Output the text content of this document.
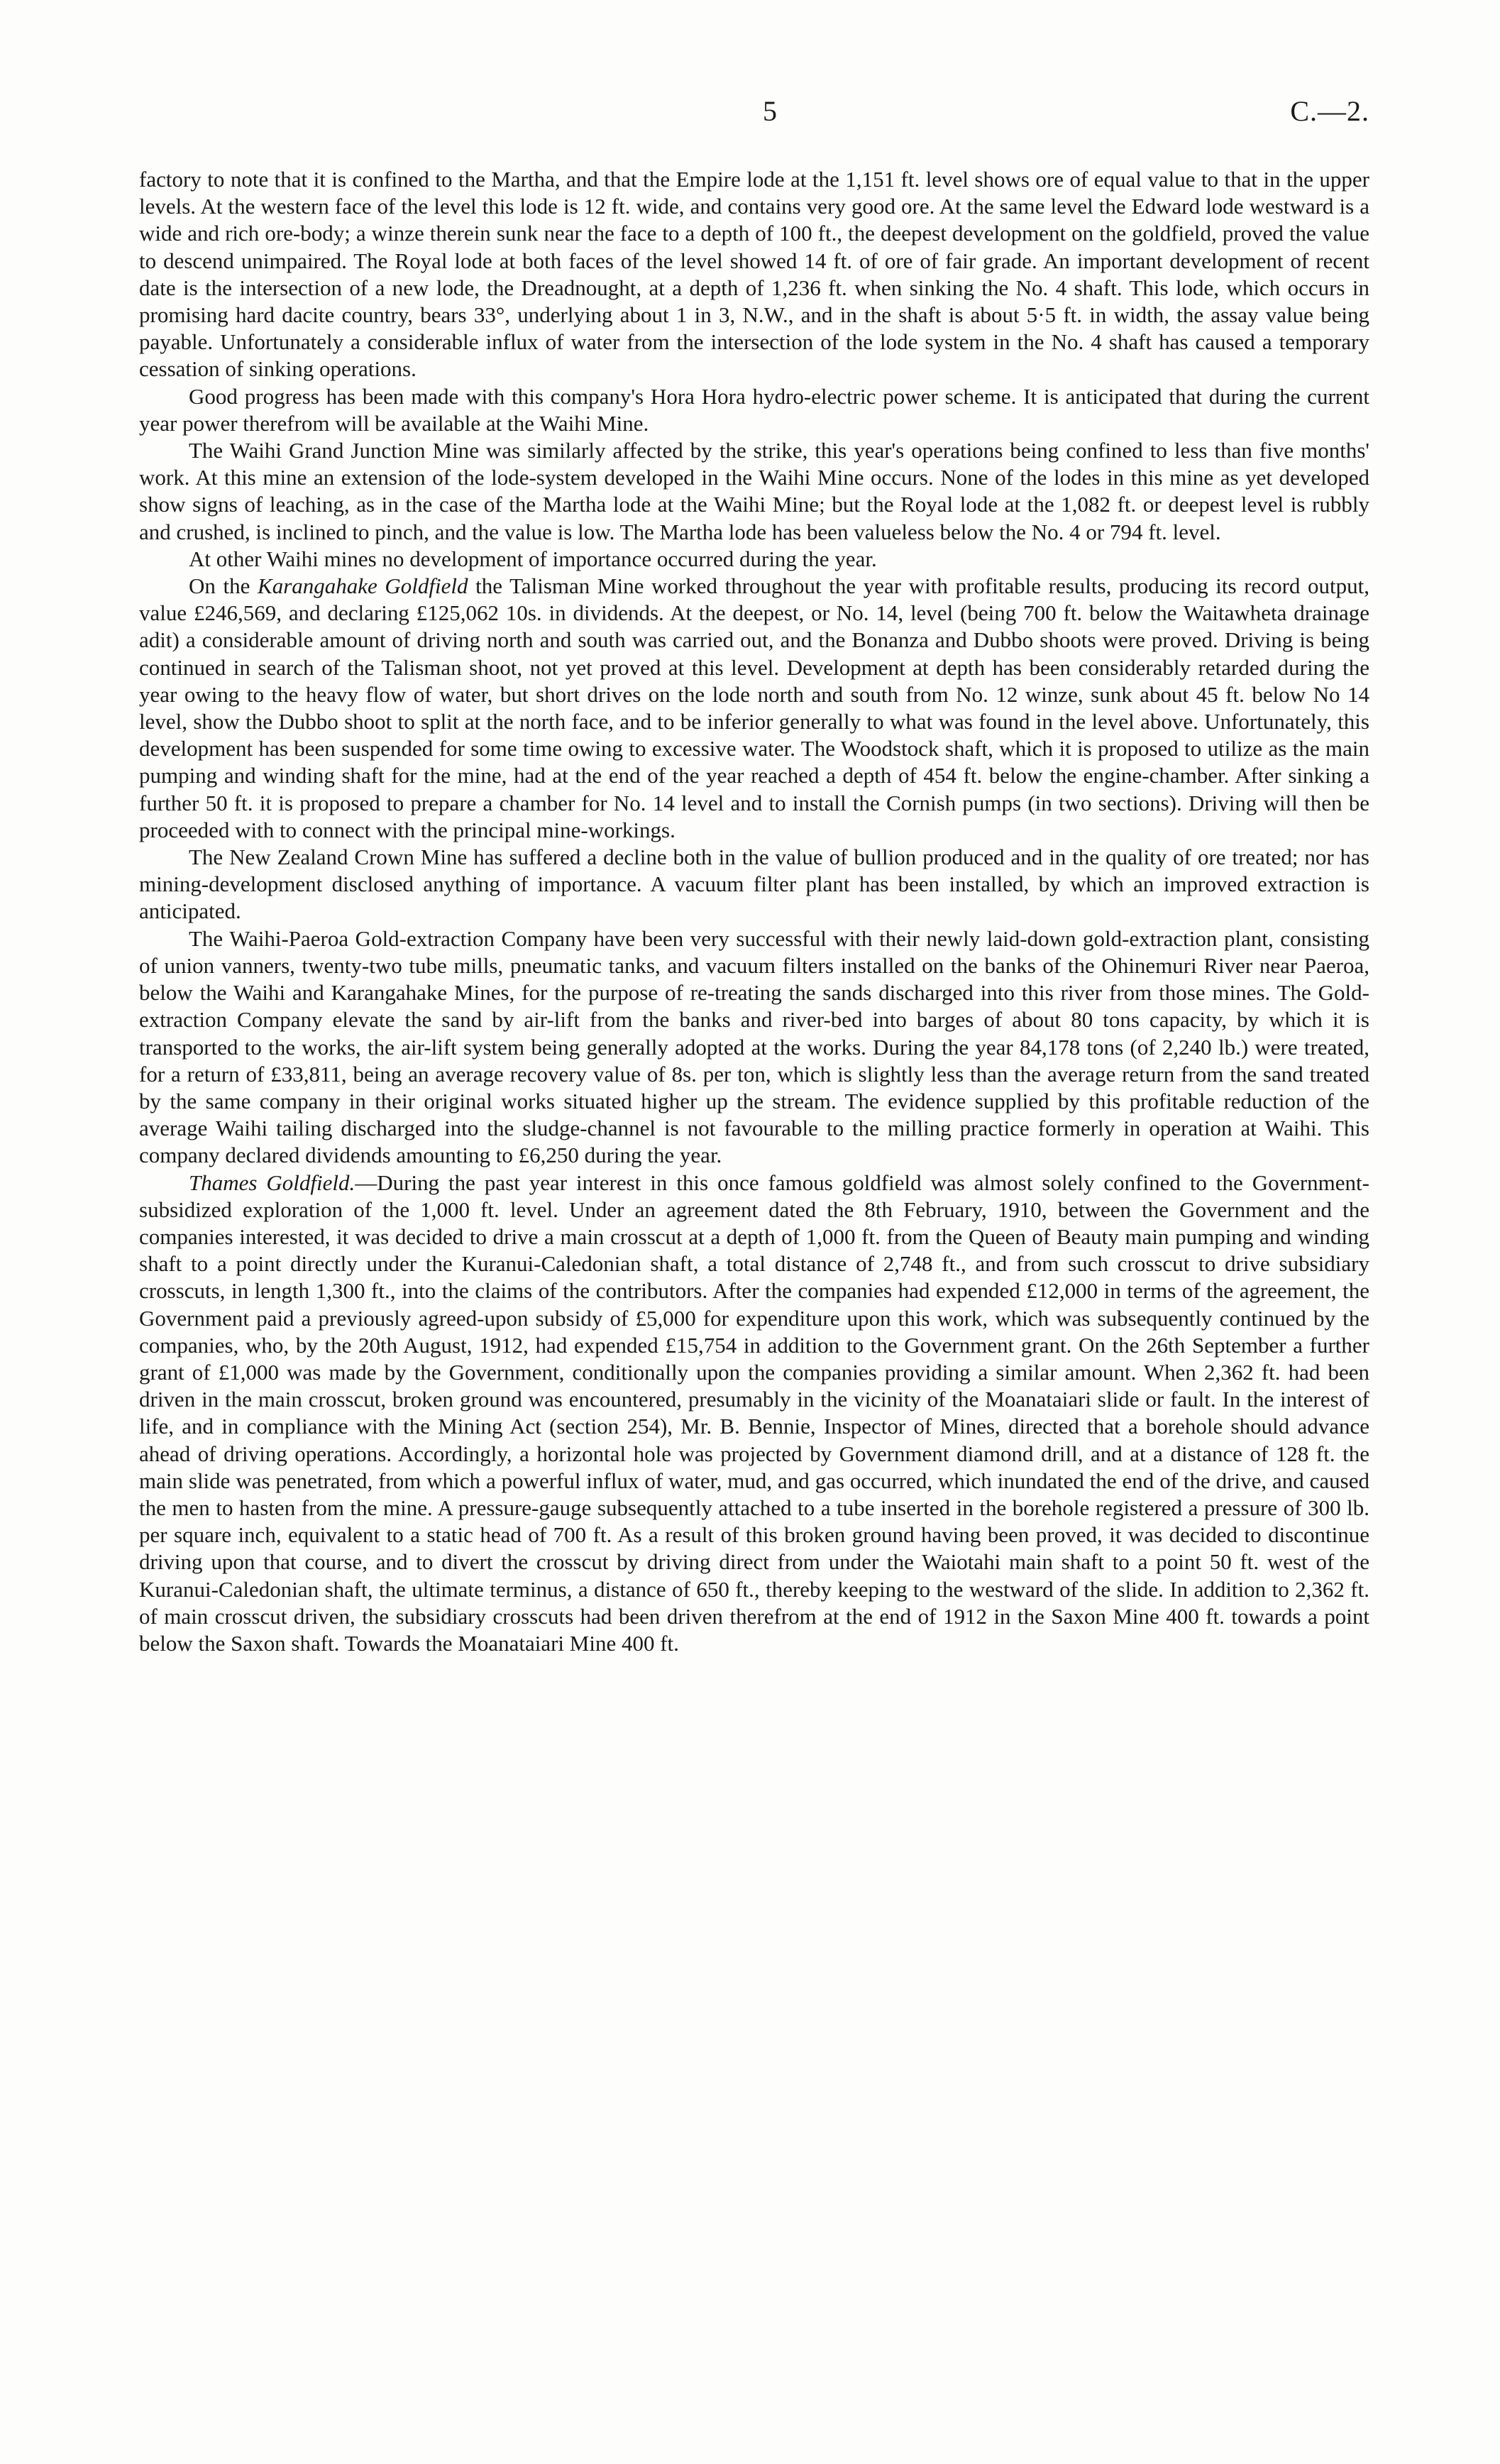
5	C.—2.

factory to note that it is confined to the Martha, and that the Empire lode at the 1,151 ft. level shows ore of equal value to that in the upper levels. At the western face of the level this lode is 12 ft. wide, and contains very good ore. At the same level the Edward lode westward is a wide and rich ore-body; a winze therein sunk near the face to a depth of 100 ft., the deepest development on the goldfield, proved the value to descend unimpaired. The Royal lode at both faces of the level showed 14 ft. of ore of fair grade. An important development of recent date is the intersection of a new lode, the Dreadnought, at a depth of 1,236 ft. when sinking the No. 4 shaft. This lode, which occurs in promising hard dacite country, bears 33°, underlying about 1 in 3, N.W., and in the shaft is about 5·5 ft. in width, the assay value being payable. Unfortunately a considerable influx of water from the intersection of the lode system in the No. 4 shaft has caused a temporary cessation of sinking operations.

Good progress has been made with this company's Hora Hora hydro-electric power scheme. It is anticipated that during the current year power therefrom will be available at the Waihi Mine.

The Waihi Grand Junction Mine was similarly affected by the strike, this year's operations being confined to less than five months' work. At this mine an extension of the lode-system developed in the Waihi Mine occurs. None of the lodes in this mine as yet developed show signs of leaching, as in the case of the Martha lode at the Waihi Mine; but the Royal lode at the 1,082 ft. or deepest level is rubbly and crushed, is inclined to pinch, and the value is low. The Martha lode has been valueless below the No. 4 or 794 ft. level.

At other Waihi mines no development of importance occurred during the year.

On the Karangahake Goldfield the Talisman Mine worked throughout the year with profitable results, producing its record output, value £246,569, and declaring £125,062 10s. in dividends. At the deepest, or No. 14, level (being 700 ft. below the Waitawheta drainage adit) a considerable amount of driving north and south was carried out, and the Bonanza and Dubbo shoots were proved. Driving is being continued in search of the Talisman shoot, not yet proved at this level. Development at depth has been considerably retarded during the year owing to the heavy flow of water, but short drives on the lode north and south from No. 12 winze, sunk about 45 ft. below No 14 level, show the Dubbo shoot to split at the north face, and to be inferior generally to what was found in the level above. Unfortunately, this development has been suspended for some time owing to excessive water. The Woodstock shaft, which it is proposed to utilize as the main pumping and winding shaft for the mine, had at the end of the year reached a depth of 454 ft. below the engine-chamber. After sinking a further 50 ft. it is proposed to prepare a chamber for No. 14 level and to install the Cornish pumps (in two sections). Driving will then be proceeded with to connect with the principal mine-workings.

The New Zealand Crown Mine has suffered a decline both in the value of bullion produced and in the quality of ore treated; nor has mining-development disclosed anything of importance. A vacuum filter plant has been installed, by which an improved extraction is anticipated.

The Waihi-Paeroa Gold-extraction Company have been very successful with their newly laid-down gold-extraction plant, consisting of union vanners, twenty-two tube mills, pneumatic tanks, and vacuum filters installed on the banks of the Ohinemuri River near Paeroa, below the Waihi and Karangahake Mines, for the purpose of re-treating the sands discharged into this river from those mines. The Gold-extraction Company elevate the sand by air-lift from the banks and river-bed into barges of about 80 tons capacity, by which it is transported to the works, the air-lift system being generally adopted at the works. During the year 84,178 tons (of 2,240 lb.) were treated, for a return of £33,811, being an average recovery value of 8s. per ton, which is slightly less than the average return from the sand treated by the same company in their original works situated higher up the stream. The evidence supplied by this profitable reduction of the average Waihi tailing discharged into the sludge-channel is not favourable to the milling practice formerly in operation at Waihi. This company declared dividends amounting to £6,250 during the year.

Thames Goldfield.—During the past year interest in this once famous goldfield was almost solely confined to the Government-subsidized exploration of the 1,000 ft. level. Under an agreement dated the 8th February, 1910, between the Government and the companies interested, it was decided to drive a main crosscut at a depth of 1,000 ft. from the Queen of Beauty main pumping and winding shaft to a point directly under the Kuranui-Caledonian shaft, a total distance of 2,748 ft., and from such crosscut to drive subsidiary crosscuts, in length 1,300 ft., into the claims of the contributors. After the companies had expended £12,000 in terms of the agreement, the Government paid a previously agreed-upon subsidy of £5,000 for expenditure upon this work, which was subsequently continued by the companies, who, by the 20th August, 1912, had expended £15,754 in addition to the Government grant. On the 26th September a further grant of £1,000 was made by the Government, conditionally upon the companies providing a similar amount. When 2,362 ft. had been driven in the main crosscut, broken ground was encountered, presumably in the vicinity of the Moanataiari slide or fault. In the interest of life, and in compliance with the Mining Act (section 254), Mr. B. Bennie, Inspector of Mines, directed that a borehole should advance ahead of driving operations. Accordingly, a horizontal hole was projected by Government diamond drill, and at a distance of 128 ft. the main slide was penetrated, from which a powerful influx of water, mud, and gas occurred, which inundated the end of the drive, and caused the men to hasten from the mine. A pressure-gauge subsequently attached to a tube inserted in the borehole registered a pressure of 300 lb. per square inch, equivalent to a static head of 700 ft. As a result of this broken ground having been proved, it was decided to discontinue driving upon that course, and to divert the crosscut by driving direct from under the Waiotahi main shaft to a point 50 ft. west of the Kuranui-Caledonian shaft, the ultimate terminus, a distance of 650 ft., thereby keeping to the westward of the slide. In addition to 2,362 ft. of main crosscut driven, the subsidiary crosscuts had been driven therefrom at the end of 1912 in the Saxon Mine 400 ft. towards a point below the Saxon shaft. Towards the Moanataiari Mine 400 ft.
